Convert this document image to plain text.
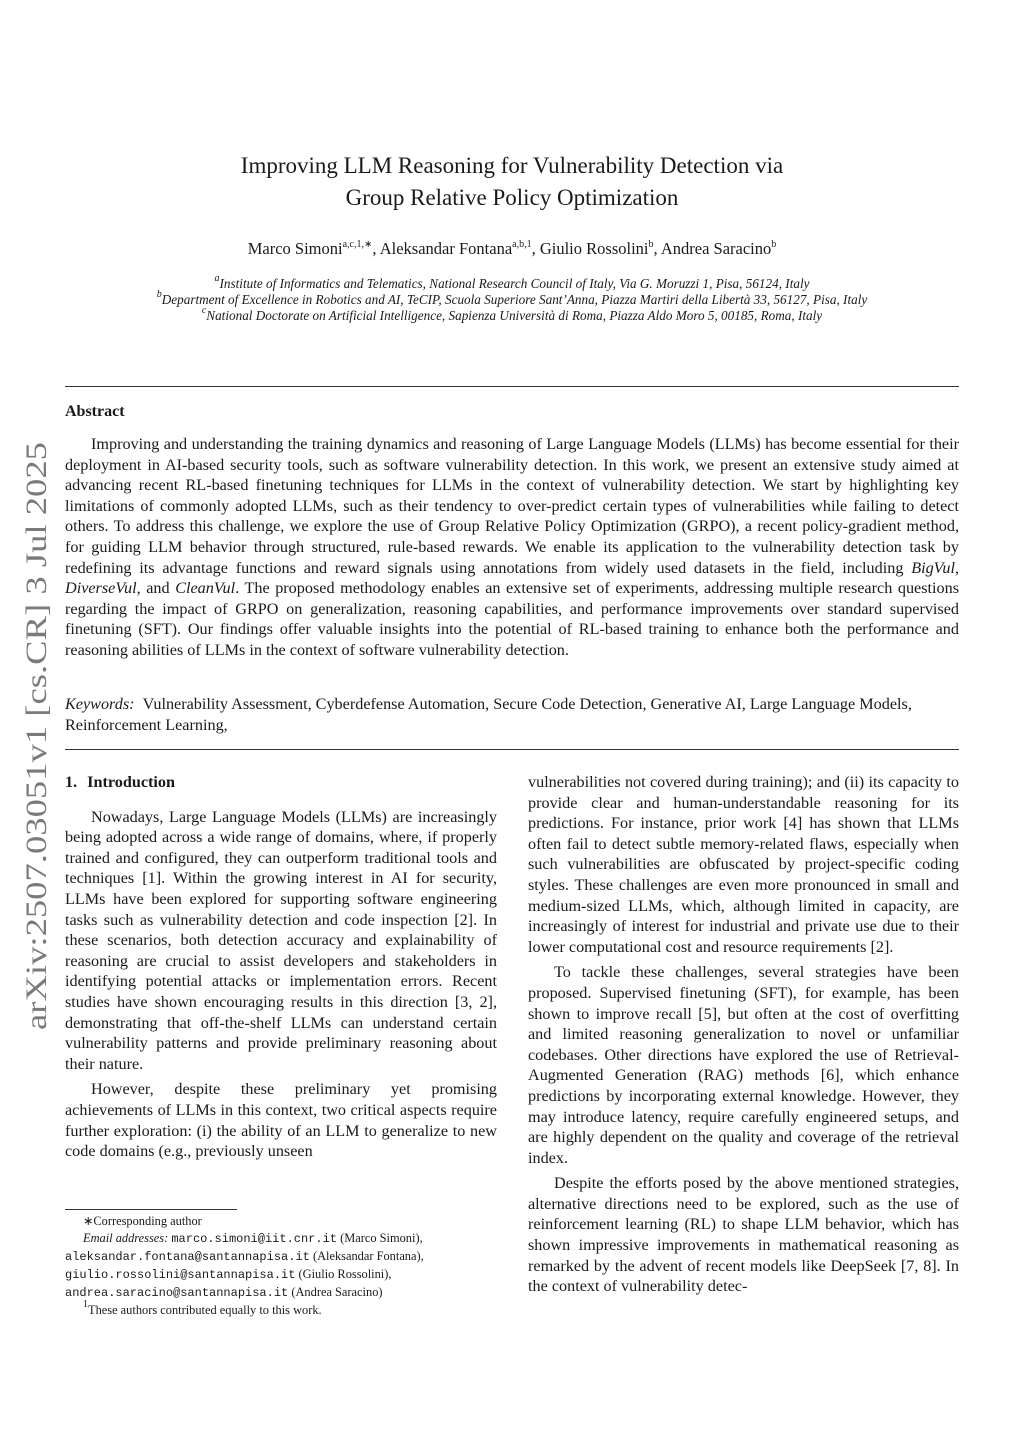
arXiv:2507.03051v1 [cs.CR] 3 Jul 2025
Improving LLM Reasoning for Vulnerability Detection via
Group Relative Policy Optimization
Marco Simoni$^{a,c,1,∗}$, Aleksandar Fontana$^{a,b,1}$, Giulio Rossolini$^b$, Andrea Saracino$^b$
$^a$Institute of Informatics and Telematics, National Research Council of Italy, Via G. Moruzzi 1, Pisa, 56124, Italy
$^b$Department of Excellence in Robotics and AI, TeCIP, Scuola Superiore Sant’Anna, Piazza Martiri della Libertà 33, 56127, Pisa, Italy
$^c$National Doctorate on Artificial Intelligence, Sapienza Università di Roma, Piazza Aldo Moro 5, 00185, Roma, Italy
Abstract

Improving and understanding the training dynamics and reasoning of Large Language Models (LLMs) has become essential for their deployment in AI-based security tools, such as software vulnerability detection. In this work, we present an extensive study aimed at advancing recent RL-based finetuning techniques for LLMs in the context of vulnerability detection. We start by highlighting key limitations of commonly adopted LLMs, such as their tendency to over-predict certain types of vulnerabilities while failing to detect others. To address this challenge, we explore the use of Group Relative Policy Optimization (GRPO), a recent policy-gradient method, for guiding LLM behavior through structured, rule-based rewards. We enable its application to the vulnerability detection task by redefining its advantage functions and reward signals using annotations from widely used datasets in the field, including BigVul, DiverseVul, and CleanVul. The proposed methodology enables an extensive set of experiments, addressing multiple research questions regarding the impact of GRPO on generalization, reasoning capabilities, and performance improvements over standard supervised finetuning (SFT). Our findings offer valuable insights into the potential of RL-based training to enhance both the performance and reasoning abilities of LLMs in the context of software vulnerability detection.

Keywords: Vulnerability Assessment, Cyberdefense Automation, Secure Code Detection, Generative AI, Large Language Models, Reinforcement Learning,

1. Introduction

Nowadays, Large Language Models (LLMs) are increasingly being adopted across a wide range of domains, where, if properly trained and configured, they can outperform traditional tools and techniques [1]. Within the growing interest in AI for security, LLMs have been explored for supporting software engineering tasks such as vulnerability detection and code inspection [2]. In these scenarios, both detection accuracy and explainability of reasoning are crucial to assist developers and stakeholders in identifying potential attacks or implementation errors. Recent studies have shown encouraging results in this direction [3, 2], demonstrating that off-the-shelf LLMs can understand certain vulnerability patterns and provide preliminary reasoning about their nature.

However, despite these preliminary yet promising achievements of LLMs in this context, two critical aspects require further exploration: (i) the ability of an LLM to generalize to new code domains (e.g., previously unseen

vulnerabilities not covered during training); and (ii) its capacity to provide clear and human-understandable reasoning for its predictions. For instance, prior work [4] has shown that LLMs often fail to detect subtle memory-related flaws, especially when such vulnerabilities are obfuscated by project-specific coding styles. These challenges are even more pronounced in small and medium-sized LLMs, which, although limited in capacity, are increasingly of interest for industrial and private use due to their lower computational cost and resource requirements [2].

To tackle these challenges, several strategies have been proposed. Supervised finetuning (SFT), for example, has been shown to improve recall [5], but often at the cost of overfitting and limited reasoning generalization to novel or unfamiliar codebases. Other directions have explored the use of Retrieval-Augmented Generation (RAG) methods [6], which enhance predictions by incorporating external knowledge. However, they may introduce latency, require carefully engineered setups, and are highly dependent on the quality and coverage of the retrieval index.

Despite the efforts posed by the above mentioned strategies, alternative directions need to be explored, such as the use of reinforcement learning (RL) to shape LLM behavior, which has shown impressive improvements in mathematical reasoning as remarked by the advent of recent models like DeepSeek [7, 8]. In the context of vulnerability detec-

∗Corresponding author
Email addresses: marco.simoni@iit.cnr.it (Marco Simoni),
aleksandar.fontana@santannapisa.it (Aleksandar Fontana),
giulio.rossolini@santannapisa.it (Giulio Rossolini),
andrea.saracino@santannapisa.it (Andrea Saracino)
$^1$These authors contributed equally to this work.
